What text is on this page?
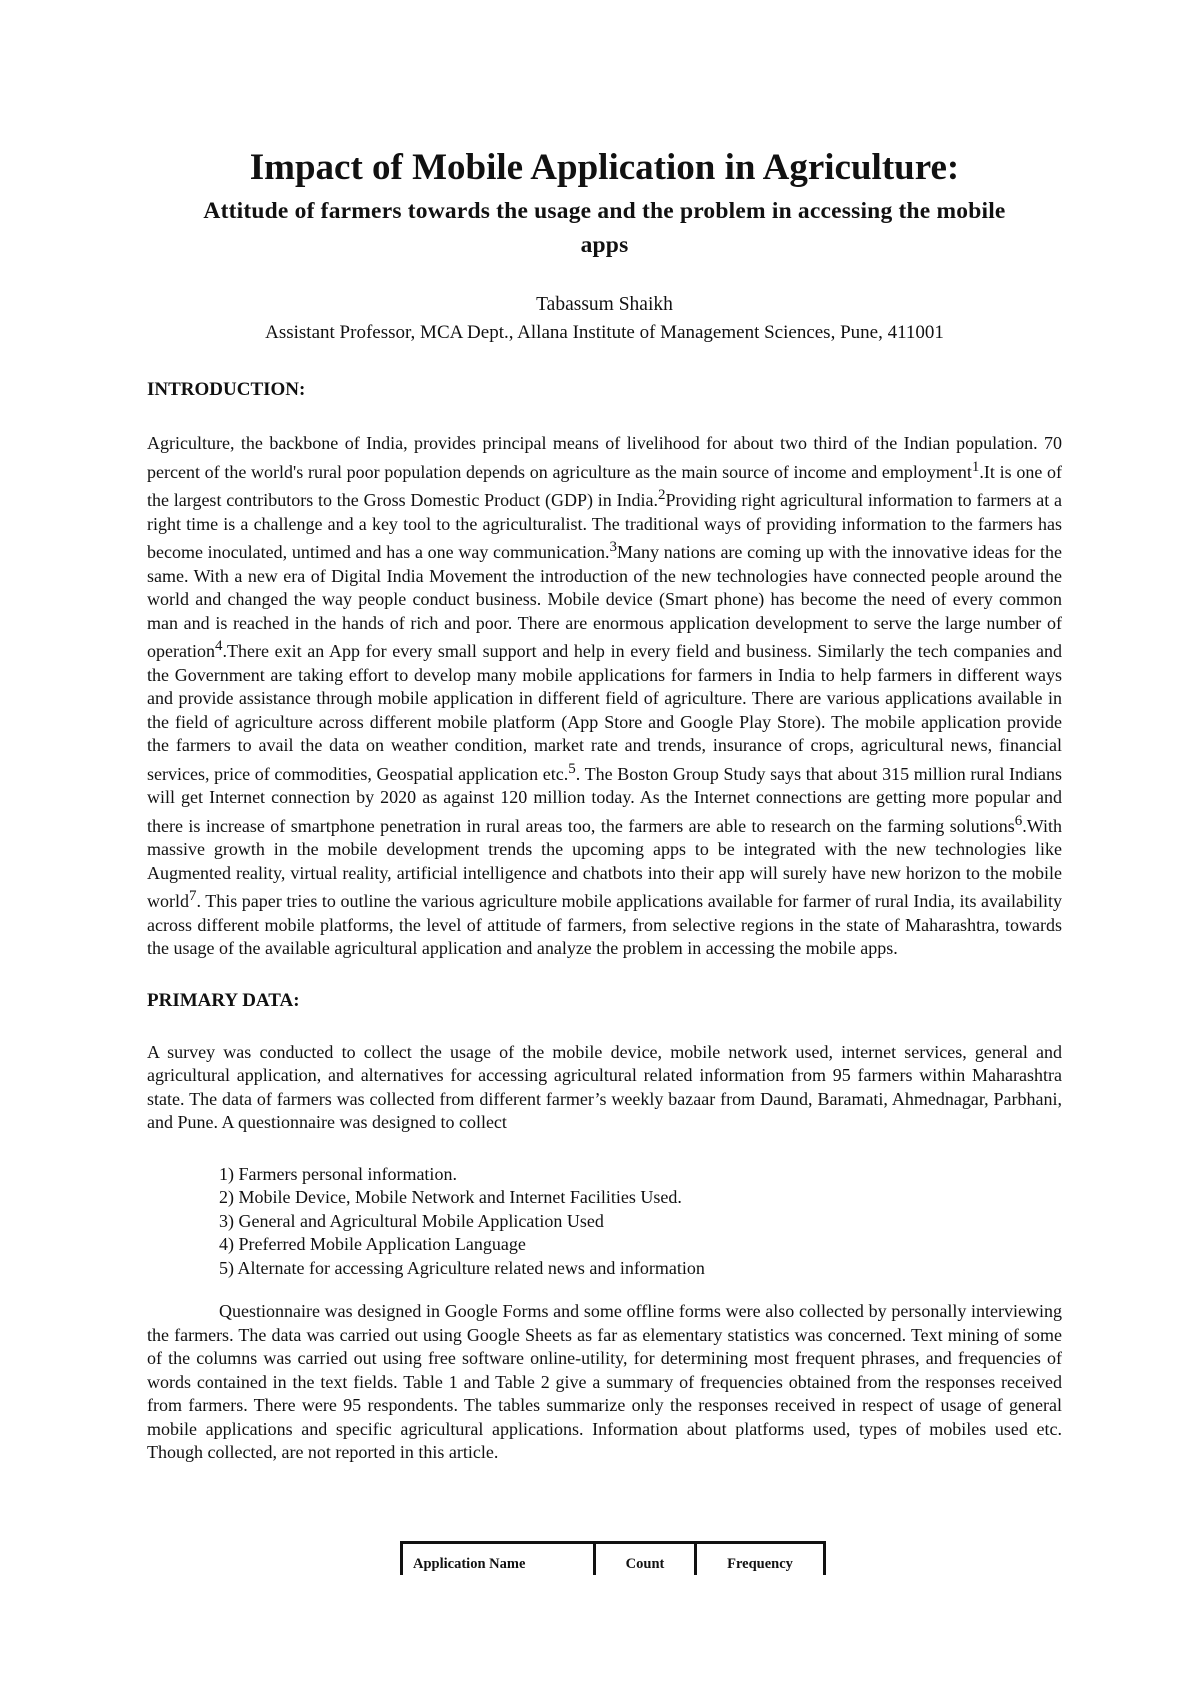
Impact of Mobile Application in Agriculture:
Attitude of farmers towards the usage and the problem in accessing the mobile apps
Tabassum Shaikh
Assistant Professor, MCA Dept., Allana Institute of Management Sciences, Pune, 411001
INTRODUCTION:

Agriculture, the backbone of India, provides principal means of livelihood for about two third of the Indian population. 70 percent of the world's rural poor population depends on agriculture as the main source of income and employment$^1$.It is one of the largest contributors to the Gross Domestic Product (GDP) in India.$^2$Providing right agricultural information to farmers at a right time is a challenge and a key tool to the agriculturalist. The traditional ways of providing information to the farmers has become inoculated, untimed and has a one way communication.$^3$Many nations are coming up with the innovative ideas for the same. With a new era of Digital India Movement the introduction of the new technologies have connected people around the world and changed the way people conduct business. Mobile device (Smart phone) has become the need of every common man and is reached in the hands of rich and poor. There are enormous application development to serve the large number of operation$^4$.There exit an App for every small support and help in every field and business. Similarly the tech companies and the Government are taking effort to develop many mobile applications for farmers in India to help farmers in different ways and provide assistance through mobile application in different field of agriculture. There are various applications available in the field of agriculture across different mobile platform (App Store and Google Play Store). The mobile application provide the farmers to avail the data on weather condition, market rate and trends, insurance of crops, agricultural news, financial services, price of commodities, Geospatial application etc.$^5$. The Boston Group Study says that about 315 million rural Indians will get Internet connection by 2020 as against 120 million today. As the Internet connections are getting more popular and there is increase of smartphone penetration in rural areas too, the farmers are able to research on the farming solutions$^6$.With massive growth in the mobile development trends the upcoming apps to be integrated with the new technologies like Augmented reality, virtual reality, artificial intelligence and chatbots into their app will surely have new horizon to the mobile world$^7$. This paper tries to outline the various agriculture mobile applications available for farmer of rural India, its availability across different mobile platforms, the level of attitude of farmers, from selective regions in the state of Maharashtra, towards the usage of the available agricultural application and analyze the problem in accessing the mobile apps.

PRIMARY DATA:

A survey was conducted to collect the usage of the mobile device, mobile network used, internet services, general and agricultural application, and alternatives for accessing agricultural related information from 95 farmers within Maharashtra state. The data of farmers was collected from different farmer’s weekly bazaar from Daund, Baramati, Ahmednagar, Parbhani, and Pune. A questionnaire was designed to collect

1) Farmers personal information.
2) Mobile Device, Mobile Network and Internet Facilities Used.
3) General and Agricultural Mobile Application Used
4) Preferred Mobile Application Language
5) Alternate for accessing Agriculture related news and information

Questionnaire was designed in Google Forms and some offline forms were also collected by personally interviewing the farmers. The data was carried out using Google Sheets as far as elementary statistics was concerned. Text mining of some of the columns was carried out using free software online-utility, for determining most frequent phrases, and frequencies of words contained in the text fields. Table 1 and Table 2 give a summary of frequencies obtained from the responses received from farmers. There were 95 respondents. The tables summarize only the responses received in respect of usage of general mobile applications and specific agricultural applications. Information about platforms used, types of mobiles used etc. Though collected, are not reported in this article.

Application Name	Count	Frequency
